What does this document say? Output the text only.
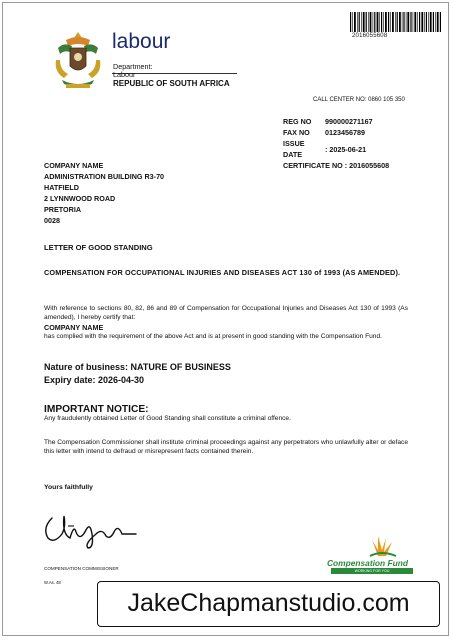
2016055608
labour
Department:
Labour
REPUBLIC OF SOUTH AFRICA
CALL CENTER NO: 0860 105 350
REG NO	990000271167
FAX NO	0123456789
ISSUE DATE	: 2025-06-21
CERTIFICATE NO : 2016055608	
COMPANY NAME
ADMINISTRATION BUILDING R3-70
HATFIELD
2 LYNNWOOD ROAD
PRETORIA
0028
LETTER OF GOOD STANDING
COMPENSATION FOR OCCUPATIONAL INJURIES AND DISEASES ACT 130 of 1993 (AS AMENDED).
With reference to sections 80, 82, 86 and 89 of Compensation for Occupational Injuries and Diseases Act 130 of 1993 (As amended), I hereby certify that:
COMPANY NAME
has complied with the requirement of the above Act and is at present in good standing with the Compensation Fund.
Nature of business: NATURE OF BUSINESS
Expiry date: 2026-04-30
IMPORTANT NOTICE:
Any fraudulently obtained Letter of Good Standing shall constitute a criminal offence.
The Compensation Commissioner shall institute criminal proceedings against any perpetrators who unlawfully alter or deface this letter with intend to defraud or misrepresent facts contained therein.
Yours faithfully
COMPENSATION COMMISSIONER
W.As. 48
Compensation Fund
WORKING FOR YOU
JakeChapmanstudio.com
